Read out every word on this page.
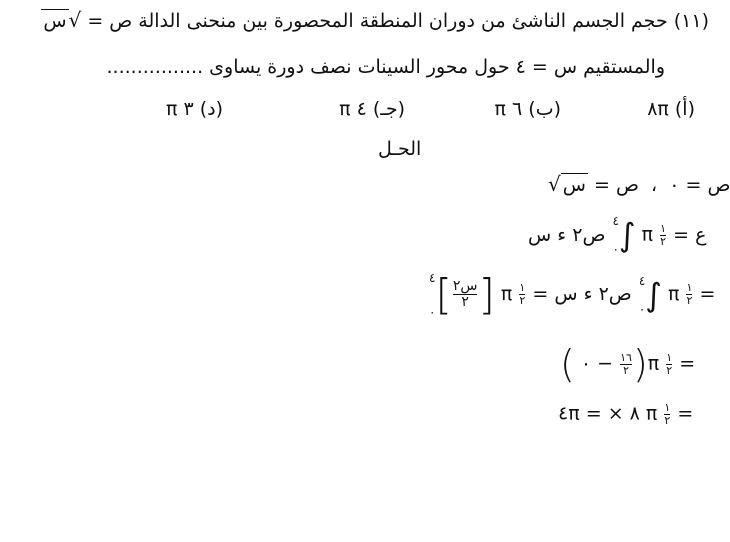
(١١) حجم الجسم الناشئ من دوران المنطقة المحصورة بين منحنى الدالة ص = √س
والمستقيم س = ٤ حول محور السينات نصف دورة يساوى ................
(أ) ٨π
(ب) ٦ π
(جـ) ٤ π
(د) ٣ π
الحـل
√ س ص = ، ص = ٠
ص٢ ء س
٤
٠ ∫ π $\frac{١}{٢}$ ع =
٤
٠ [ $\frac{\text{س٢}}{٢}$ ] π $\frac{١}{٢}$ = ص٢ ء س
٤
٠ ∫ π $\frac{١}{٢}$ =
( ٠ − $\frac{١٦}{٢} )\pi \frac{١}{٢}$ =
٤π = × ٨ π $\frac{١}{٢}$ =
